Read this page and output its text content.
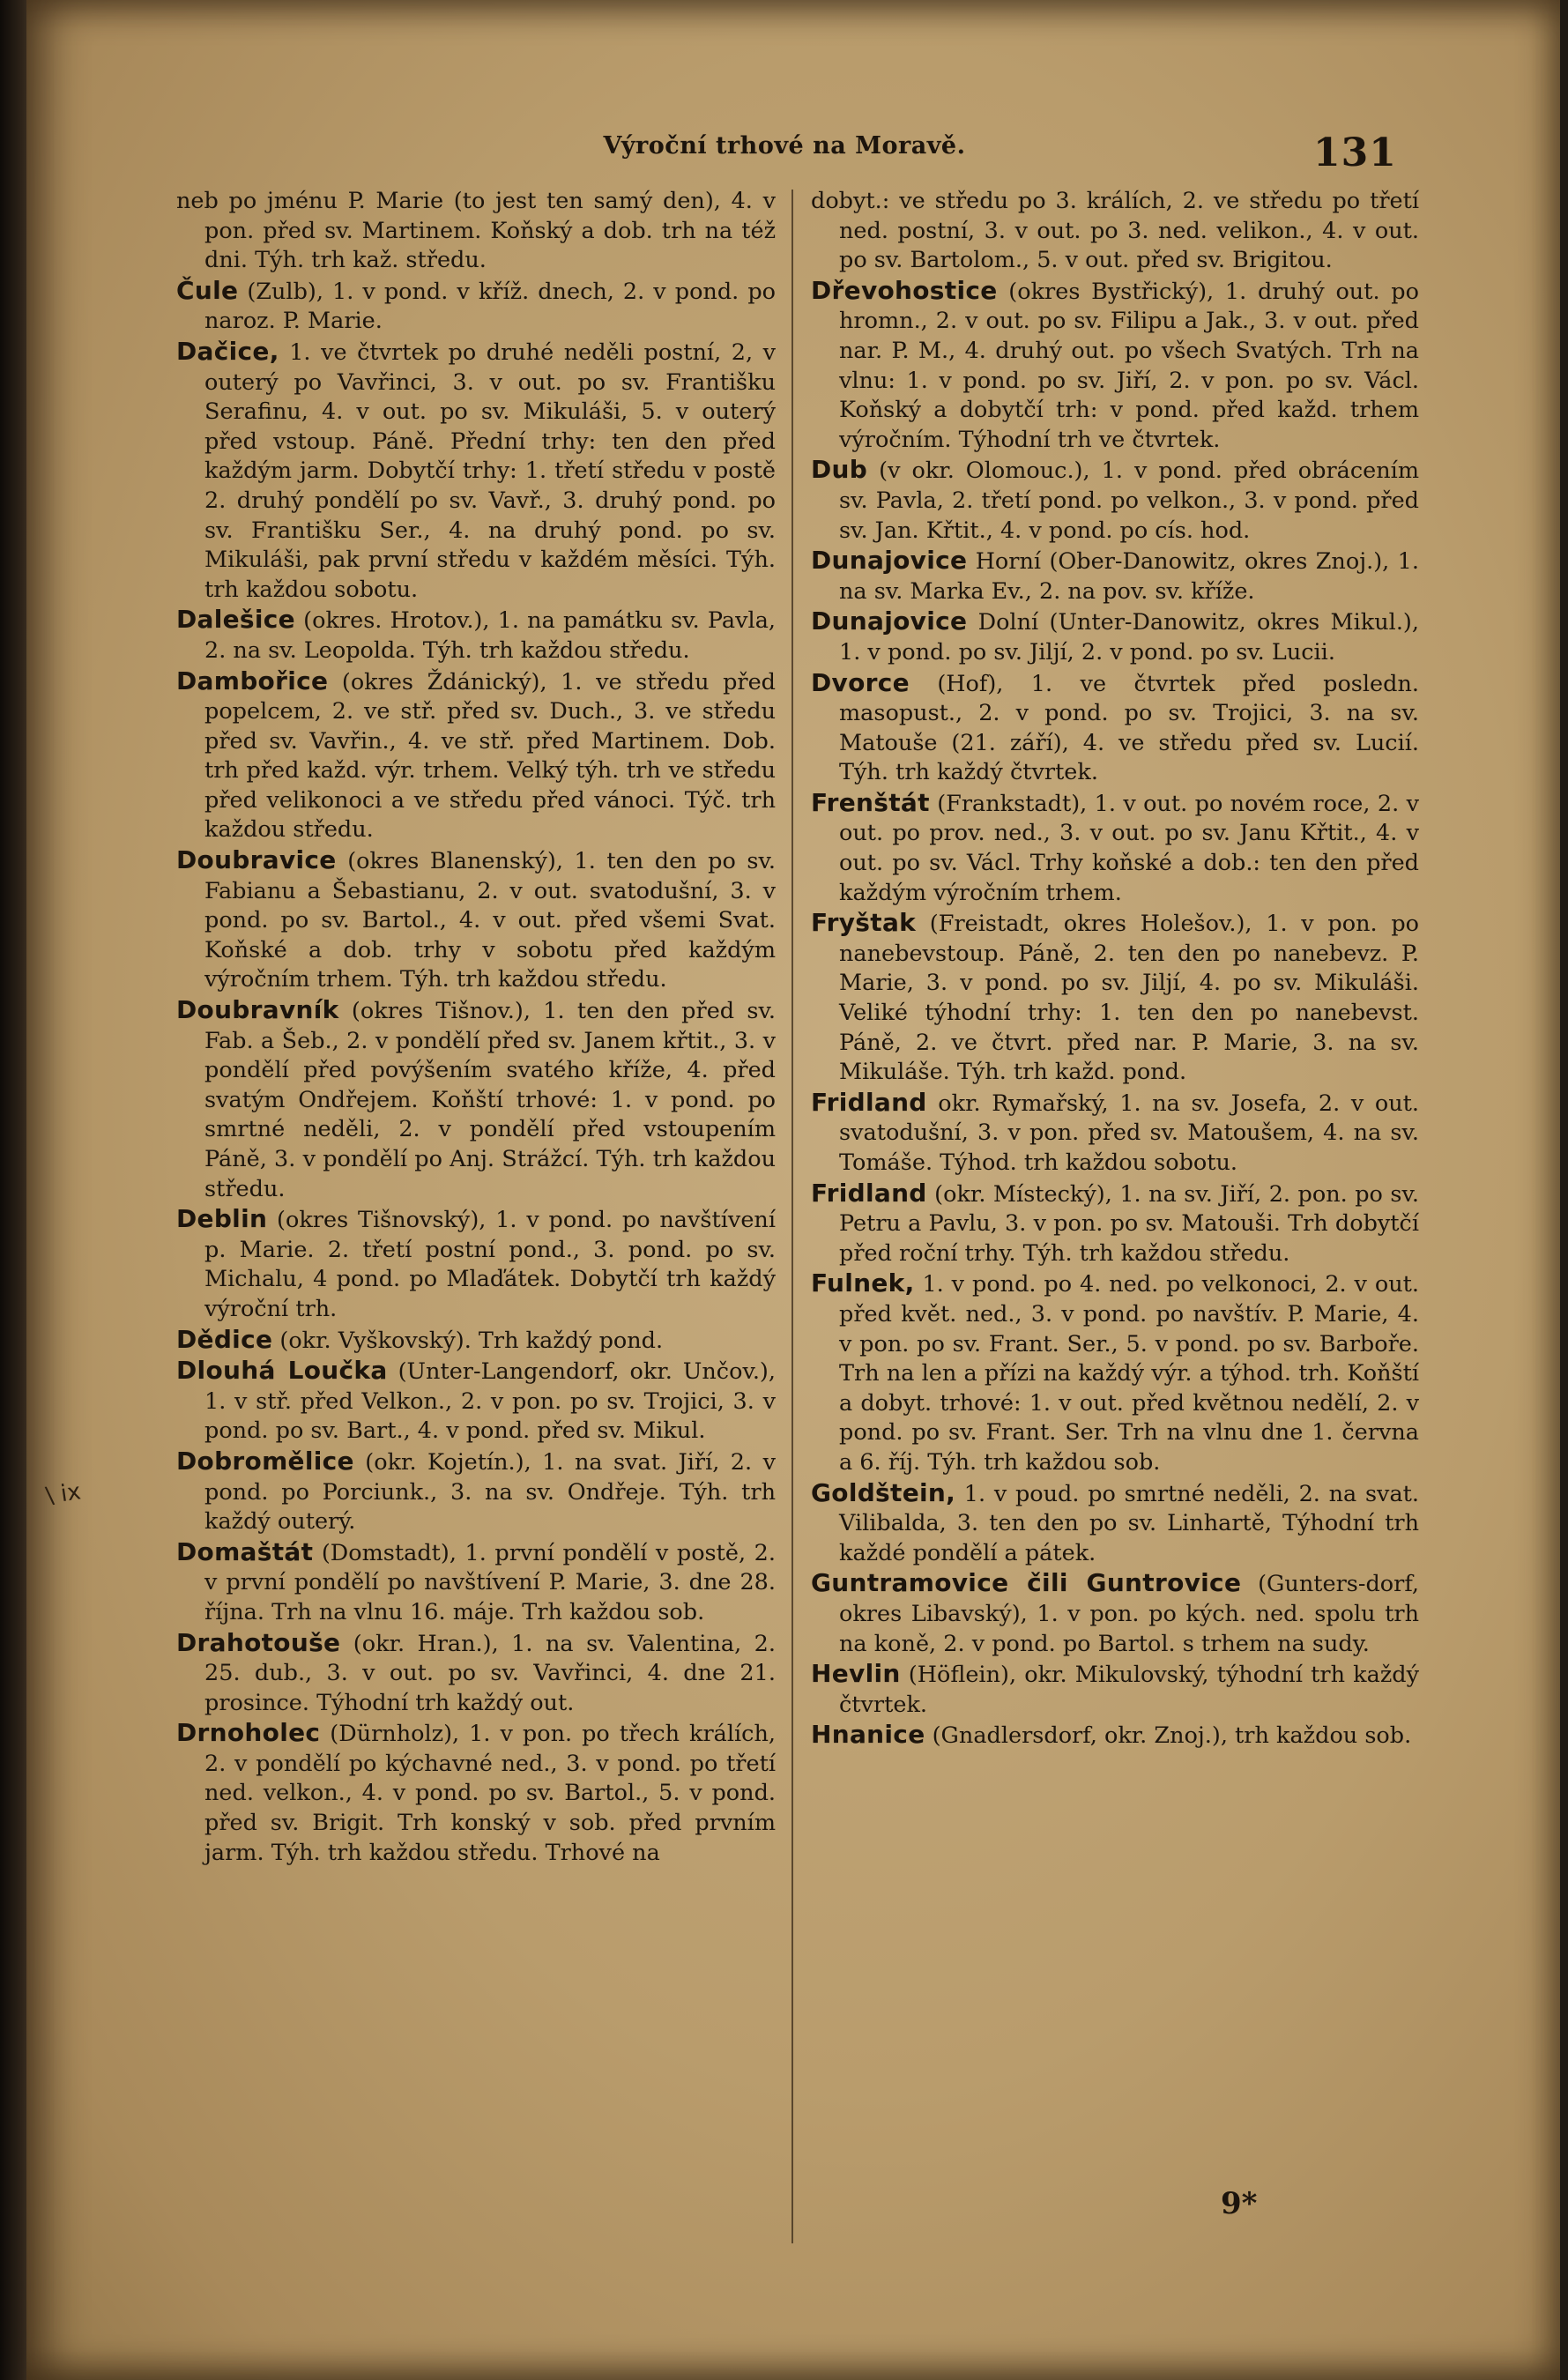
\ ix
Výroční trhové na Moravě.	131

neb po jménu P. Marie (to jest ten samý den), 4. v pon. před sv. Martinem. Koňský a dob. trh na též dni. Týh. trh kaž. středu.

Čule (Zulb), 1. v pond. v kříž. dnech, 2. v pond. po naroz. P. Marie.

Dačice, 1. ve čtvrtek po druhé neděli postní, 2, v outerý po Vavřinci, 3. v out. po sv. Františku Serafinu, 4. v out. po sv. Mikuláši, 5. v outerý před vstoup. Páně. Přední trhy: ten den před každým jarm. Dobytčí trhy: 1. třetí středu v postě 2. druhý pondělí po sv. Vavř., 3. druhý pond. po sv. Františku Ser., 4. na druhý pond. po sv. Mikuláši, pak první středu v každém měsíci. Týh. trh každou sobotu.

Dalešice (okres. Hrotov.), 1. na památku sv. Pavla, 2. na sv. Leopolda. Týh. trh každou středu.

Dambořice (okres Ždánický), 1. ve středu před popelcem, 2. ve stř. před sv. Duch., 3. ve středu před sv. Vavřin., 4. ve stř. před Martinem. Dob. trh před každ. výr. trhem. Velký týh. trh ve středu před velikonoci a ve středu před vánoci. Týč. trh každou středu.

Doubravice (okres Blanenský), 1. ten den po sv. Fabianu a Šebastianu, 2. v out. svatodušní, 3. v pond. po sv. Bartol., 4. v out. před všemi Svat. Koňské a dob. trhy v sobotu před každým výročním trhem. Týh. trh každou středu.

Doubravník (okres Tišnov.), 1. ten den před sv. Fab. a Šeb., 2. v pondělí před sv. Janem křtit., 3. v pondělí před povýšením svatého kříže, 4. před svatým Ondřejem. Koňští trhové: 1. v pond. po smrtné neděli, 2. v pondělí před vstoupením Páně, 3. v pondělí po Anj. Strážcí. Týh. trh každou středu.

Deblin (okres Tišnovský), 1. v pond. po navštívení p. Marie. 2. třetí postní pond., 3. pond. po sv. Michalu, 4 pond. po Mlaďátek. Dobytčí trh každý výroční trh.

Dědice (okr. Vyškovský). Trh každý pond.

Dlouhá Loučka (Unter-Langendorf, okr. Unčov.), 1. v stř. před Velkon., 2. v pon. po sv. Trojici, 3. v pond. po sv. Bart., 4. v pond. před sv. Mikul.

Dobromělice (okr. Kojetín.), 1. na svat. Jiří, 2. v pond. po Porciunk., 3. na sv. Ondřeje. Týh. trh každý outerý.

Domaštát (Domstadt), 1. první pondělí v postě, 2. v první pondělí po navštívení P. Marie, 3. dne 28. října. Trh na vlnu 16. máje. Trh každou sob.

Drahotouše (okr. Hran.), 1. na sv. Valentina, 2. 25. dub., 3. v out. po sv. Vavřinci, 4. dne 21. prosince. Týhodní trh každý out.

Drnoholec (Dürnholz), 1. v pon. po třech králích, 2. v pondělí po kýchavné ned., 3. v pond. po třetí ned. velkon., 4. v pond. po sv. Bartol., 5. v pond. před sv. Brigit. Trh konský v sob. před prvním jarm. Týh. trh každou středu. Trhové na

dobyt.: ve středu po 3. králích, 2. ve středu po třetí ned. postní, 3. v out. po 3. ned. velikon., 4. v out. po sv. Bartolom., 5. v out. před sv. Brigitou.

Dřevohostice (okres Bystřický), 1. druhý out. po hromn., 2. v out. po sv. Filipu a Jak., 3. v out. před nar. P. M., 4. druhý out. po všech Svatých. Trh na vlnu: 1. v pond. po sv. Jiří, 2. v pon. po sv. Václ. Koňský a dobytčí trh: v pond. před každ. trhem výročním. Týhodní trh ve čtvrtek.

Dub (v okr. Olomouc.), 1. v pond. před obrácením sv. Pavla, 2. třetí pond. po velkon., 3. v pond. před sv. Jan. Křtit., 4. v pond. po cís. hod.

Dunajovice Horní (Ober-Danowitz, okres Znoj.), 1. na sv. Marka Ev., 2. na pov. sv. kříže.

Dunajovice Dolní (Unter-Danowitz, okres Mikul.), 1. v pond. po sv. Jiljí, 2. v pond. po sv. Lucii.

Dvorce (Hof), 1. ve čtvrtek před posledn. masopust., 2. v pond. po sv. Trojici, 3. na sv. Matouše (21. září), 4. ve středu před sv. Lucií. Týh. trh každý čtvrtek.

Frenštát (Frankstadt), 1. v out. po novém roce, 2. v out. po prov. ned., 3. v out. po sv. Janu Křtit., 4. v out. po sv. Václ. Trhy koňské a dob.: ten den před každým výročním trhem.

Fryštak (Freistadt, okres Holešov.), 1. v pon. po nanebevstoup. Páně, 2. ten den po nanebevz. P. Marie, 3. v pond. po sv. Jiljí, 4. po sv. Mikuláši. Veliké týhodní trhy: 1. ten den po nanebevst. Páně, 2. ve čtvrt. před nar. P. Marie, 3. na sv. Mikuláše. Týh. trh každ. pond.

Fridland okr. Rymařský, 1. na sv. Josefa, 2. v out. svatodušní, 3. v pon. před sv. Matoušem, 4. na sv. Tomáše. Týhod. trh každou sobotu.

Fridland (okr. Místecký), 1. na sv. Jiří, 2. pon. po sv. Petru a Pavlu, 3. v pon. po sv. Matouši. Trh dobytčí před roční trhy. Týh. trh každou středu.

Fulnek, 1. v pond. po 4. ned. po velkonoci, 2. v out. před květ. ned., 3. v pond. po navštív. P. Marie, 4. v pon. po sv. Frant. Ser., 5. v pond. po sv. Barboře. Trh na len a přízi na každý výr. a týhod. trh. Koňští a dobyt. trhové: 1. v out. před květnou nedělí, 2. v pond. po sv. Frant. Ser. Trh na vlnu dne 1. června a 6. říj. Týh. trh každou sob.

Goldštein, 1. v poud. po smrtné neděli, 2. na svat. Vilibalda, 3. ten den po sv. Linhartě, Týhodní trh každé pondělí a pátek.

Guntramovice čili Guntrovice (Gunters-dorf, okres Libavský), 1. v pon. po kých. ned. spolu trh na koně, 2. v pond. po Bartol. s trhem na sudy.

Hevlin (Höflein), okr. Mikulovský, týhodní trh každý čtvrtek.

Hnanice (Gnadlersdorf, okr. Znoj.), trh každou sob.

9*
